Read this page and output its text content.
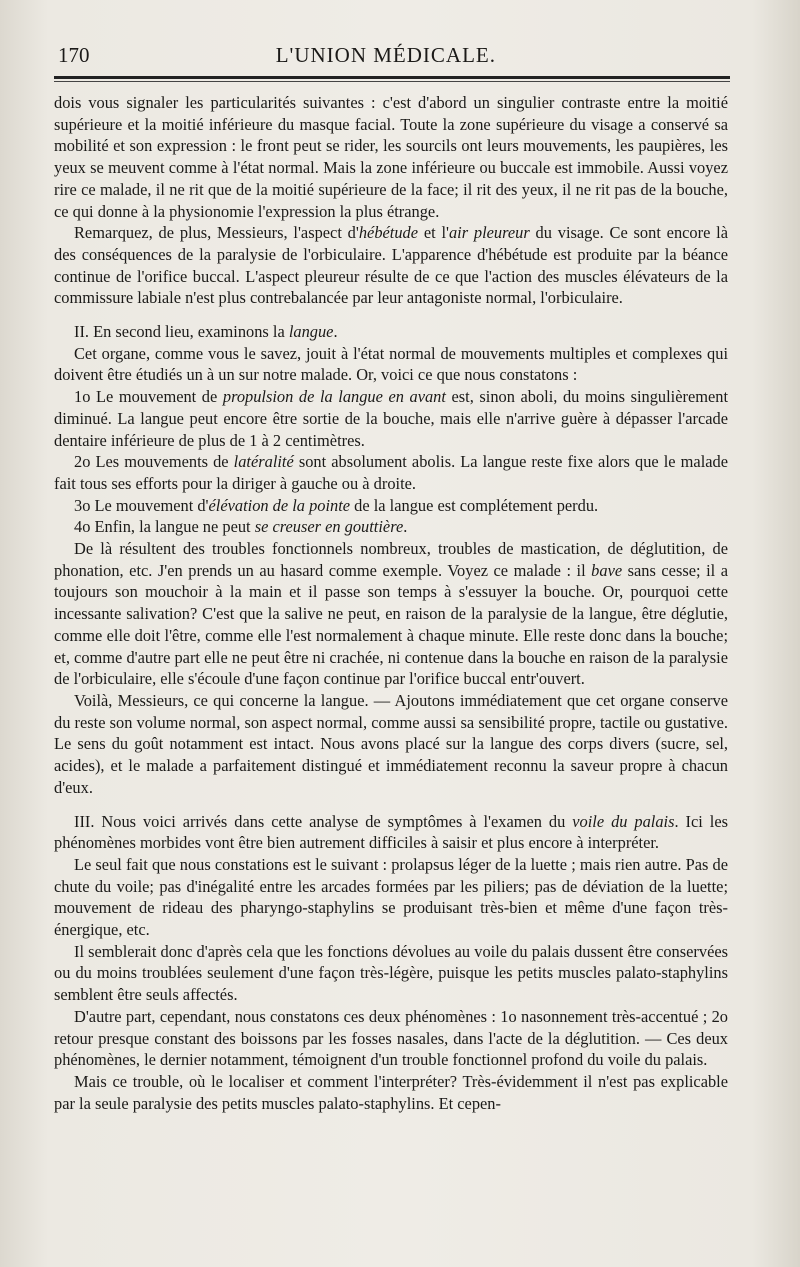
170	L'UNION MÉDICALE.

dois vous signaler les particularités suivantes : c'est d'abord un singulier contraste entre la moitié supérieure et la moitié inférieure du masque facial. Toute la zone supérieure du visage a conservé sa mobilité et son expression : le front peut se rider, les sourcils ont leurs mouvements, les paupières, les yeux se meuvent comme à l'état normal. Mais la zone inférieure ou buccale est immobile. Aussi voyez rire ce malade, il ne rit que de la moitié supérieure de la face; il rit des yeux, il ne rit pas de la bouche, ce qui donne à la physionomie l'expression la plus étrange.

Remarquez, de plus, Messieurs, l'aspect d'hébétude et l'air pleureur du visage. Ce sont encore là des conséquences de la paralysie de l'orbiculaire. L'apparence d'hébétude est produite par la béance continue de l'orifice buccal. L'aspect pleureur résulte de ce que l'action des muscles élévateurs de la commissure labiale n'est plus contrebalancée par leur antagoniste normal, l'orbiculaire.

II. En second lieu, examinons la langue.

Cet organe, comme vous le savez, jouit à l'état normal de mouvements multiples et complexes qui doivent être étudiés un à un sur notre malade. Or, voici ce que nous constatons :

1o Le mouvement de propulsion de la langue en avant est, sinon aboli, du moins singulièrement diminué. La langue peut encore être sortie de la bouche, mais elle n'arrive guère à dépasser l'arcade dentaire inférieure de plus de 1 à 2 centimètres.

2o Les mouvements de latéralité sont absolument abolis. La langue reste fixe alors que le malade fait tous ses efforts pour la diriger à gauche ou à droite.

3o Le mouvement d'élévation de la pointe de la langue est complétement perdu.

4o Enfin, la langue ne peut se creuser en gouttière.

De là résultent des troubles fonctionnels nombreux, troubles de mastication, de déglutition, de phonation, etc. J'en prends un au hasard comme exemple. Voyez ce malade : il bave sans cesse; il a toujours son mouchoir à la main et il passe son temps à s'essuyer la bouche. Or, pourquoi cette incessante salivation? C'est que la salive ne peut, en raison de la paralysie de la langue, être déglutie, comme elle doit l'être, comme elle l'est normalement à chaque minute. Elle reste donc dans la bouche; et, comme d'autre part elle ne peut être ni crachée, ni contenue dans la bouche en raison de la paralysie de l'orbiculaire, elle s'écoule d'une façon continue par l'orifice buccal entr'ouvert.

Voilà, Messieurs, ce qui concerne la langue. — Ajoutons immédiatement que cet organe conserve du reste son volume normal, son aspect normal, comme aussi sa sensibilité propre, tactile ou gustative. Le sens du goût notamment est intact. Nous avons placé sur la langue des corps divers (sucre, sel, acides), et le malade a parfaitement distingué et immédiatement reconnu la saveur propre à chacun d'eux.

III. Nous voici arrivés dans cette analyse de symptômes à l'examen du voile du palais. Ici les phénomènes morbides vont être bien autrement difficiles à saisir et plus encore à interpréter.

Le seul fait que nous constations est le suivant : prolapsus léger de la luette ; mais rien autre. Pas de chute du voile; pas d'inégalité entre les arcades formées par les piliers; pas de déviation de la luette; mouvement de rideau des pharyngo-staphylins se produisant très-bien et même d'une façon très-énergique, etc.

Il semblerait donc d'après cela que les fonctions dévolues au voile du palais dussent être conservées ou du moins troublées seulement d'une façon très-légère, puisque les petits muscles palato-staphylins semblent être seuls affectés.

D'autre part, cependant, nous constatons ces deux phénomènes : 1o nasonnement très-accentué ; 2o retour presque constant des boissons par les fosses nasales, dans l'acte de la déglutition. — Ces deux phénomènes, le dernier notamment, témoignent d'un trouble fonctionnel profond du voile du palais.

Mais ce trouble, où le localiser et comment l'interpréter? Très-évidemment il n'est pas explicable par la seule paralysie des petits muscles palato-staphylins. Et cepen-
